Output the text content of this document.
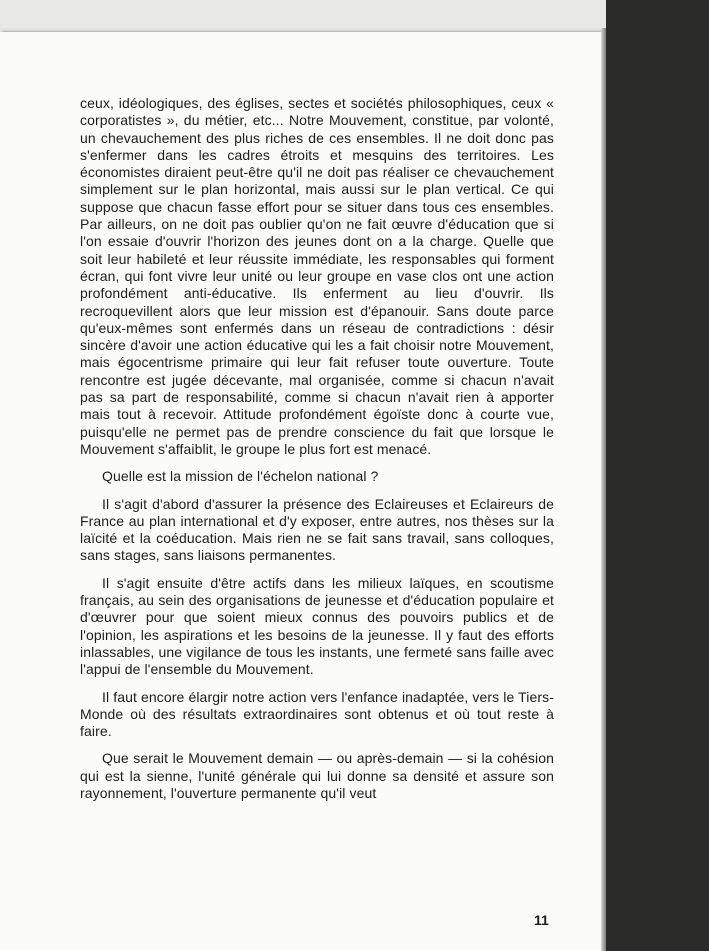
ceux, idéologiques, des églises, sectes et sociétés philosophiques, ceux « corporatistes », du métier, etc... Notre Mouvement, constitue, par volonté, un chevauchement des plus riches de ces ensembles. Il ne doit donc pas s'enfermer dans les cadres étroits et mesquins des territoires. Les économistes diraient peut-être qu'il ne doit pas réaliser ce chevauchement simplement sur le plan horizontal, mais aussi sur le plan vertical. Ce qui suppose que chacun fasse effort pour se situer dans tous ces ensembles. Par ailleurs, on ne doit pas oublier qu'on ne fait œuvre d'éducation que si l'on essaie d'ouvrir l'horizon des jeunes dont on a la charge. Quelle que soit leur habileté et leur réussite immédiate, les responsables qui forment écran, qui font vivre leur unité ou leur groupe en vase clos ont une action profondément anti-éducative. Ils enferment au lieu d'ouvrir. Ils recroquevillent alors que leur mission est d'épanouir. Sans doute parce qu'eux-mêmes sont enfermés dans un réseau de contradictions : désir sincère d'avoir une action éducative qui les a fait choisir notre Mouvement, mais égocentrisme primaire qui leur fait refuser toute ouverture. Toute rencontre est jugée décevante, mal organisée, comme si chacun n'avait pas sa part de responsabilité, comme si chacun n'avait rien à apporter mais tout à recevoir. Attitude profondément égoïste donc à courte vue, puisqu'elle ne permet pas de prendre conscience du fait que lorsque le Mouvement s'affaiblit, le groupe le plus fort est menacé.

Quelle est la mission de l'échelon national ?

Il s'agit d'abord d'assurer la présence des Eclaireuses et Eclaireurs de France au plan international et d'y exposer, entre autres, nos thèses sur la laïcité et la coéducation. Mais rien ne se fait sans travail, sans colloques, sans stages, sans liaisons permanentes.

Il s'agit ensuite d'être actifs dans les milieux laïques, en scoutisme français, au sein des organisations de jeunesse et d'éducation populaire et d'œuvrer pour que soient mieux connus des pouvoirs publics et de l'opinion, les aspirations et les besoins de la jeunesse. Il y faut des efforts inlassables, une vigilance de tous les instants, une fermeté sans faille avec l'appui de l'ensemble du Mouvement.

Il faut encore élargir notre action vers l'enfance inadaptée, vers le Tiers-Monde où des résultats extraordinaires sont obtenus et où tout reste à faire.

Que serait le Mouvement demain — ou après-demain — si la cohésion qui est la sienne, l'unité générale qui lui donne sa densité et assure son rayonnement, l'ouverture permanente qu'il veut

11
